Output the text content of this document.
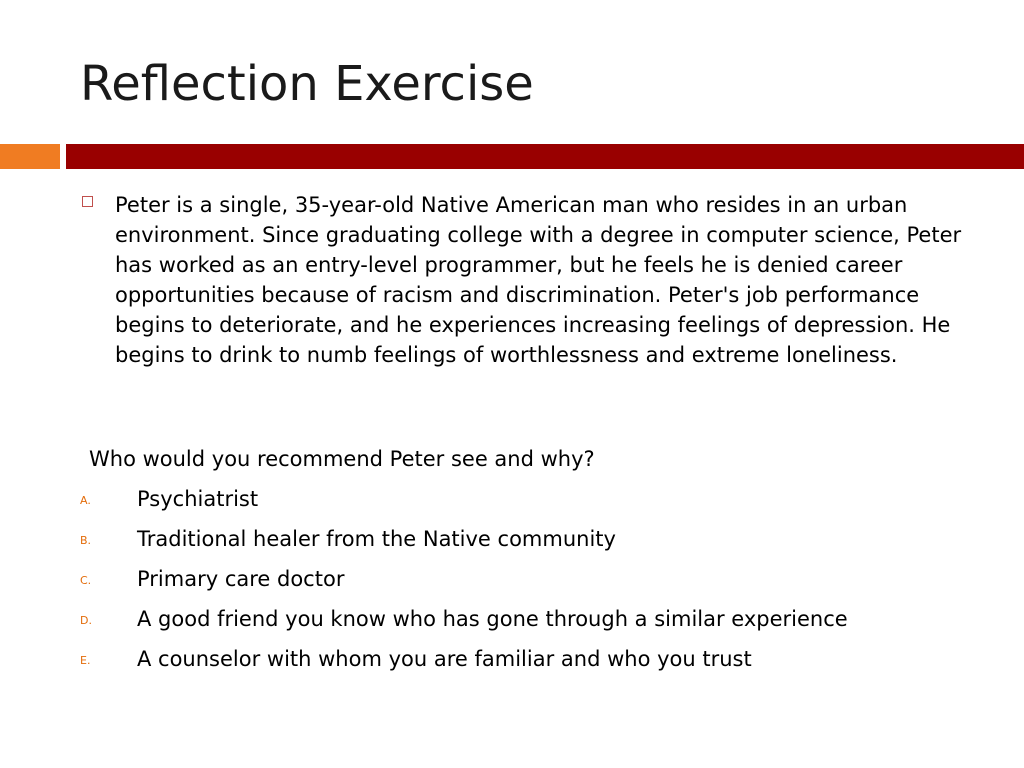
Reflection Exercise

Peter is a single, 35-year-old Native American man who resides in an urban environment. Since graduating college with a degree in computer science, Peter has worked as an entry-level programmer, but he feels he is denied career opportunities because of racism and discrimination. Peter's job performance begins to deteriorate, and he experiences increasing feelings of depression. He begins to drink to numb feelings of worthlessness and extreme loneliness.

Who would you recommend Peter see and why?

A. Psychiatrist
B. Traditional healer from the Native community
C. Primary care doctor
D. A good friend you know who has gone through a similar experience
E. A counselor with whom you are familiar and who you trust
